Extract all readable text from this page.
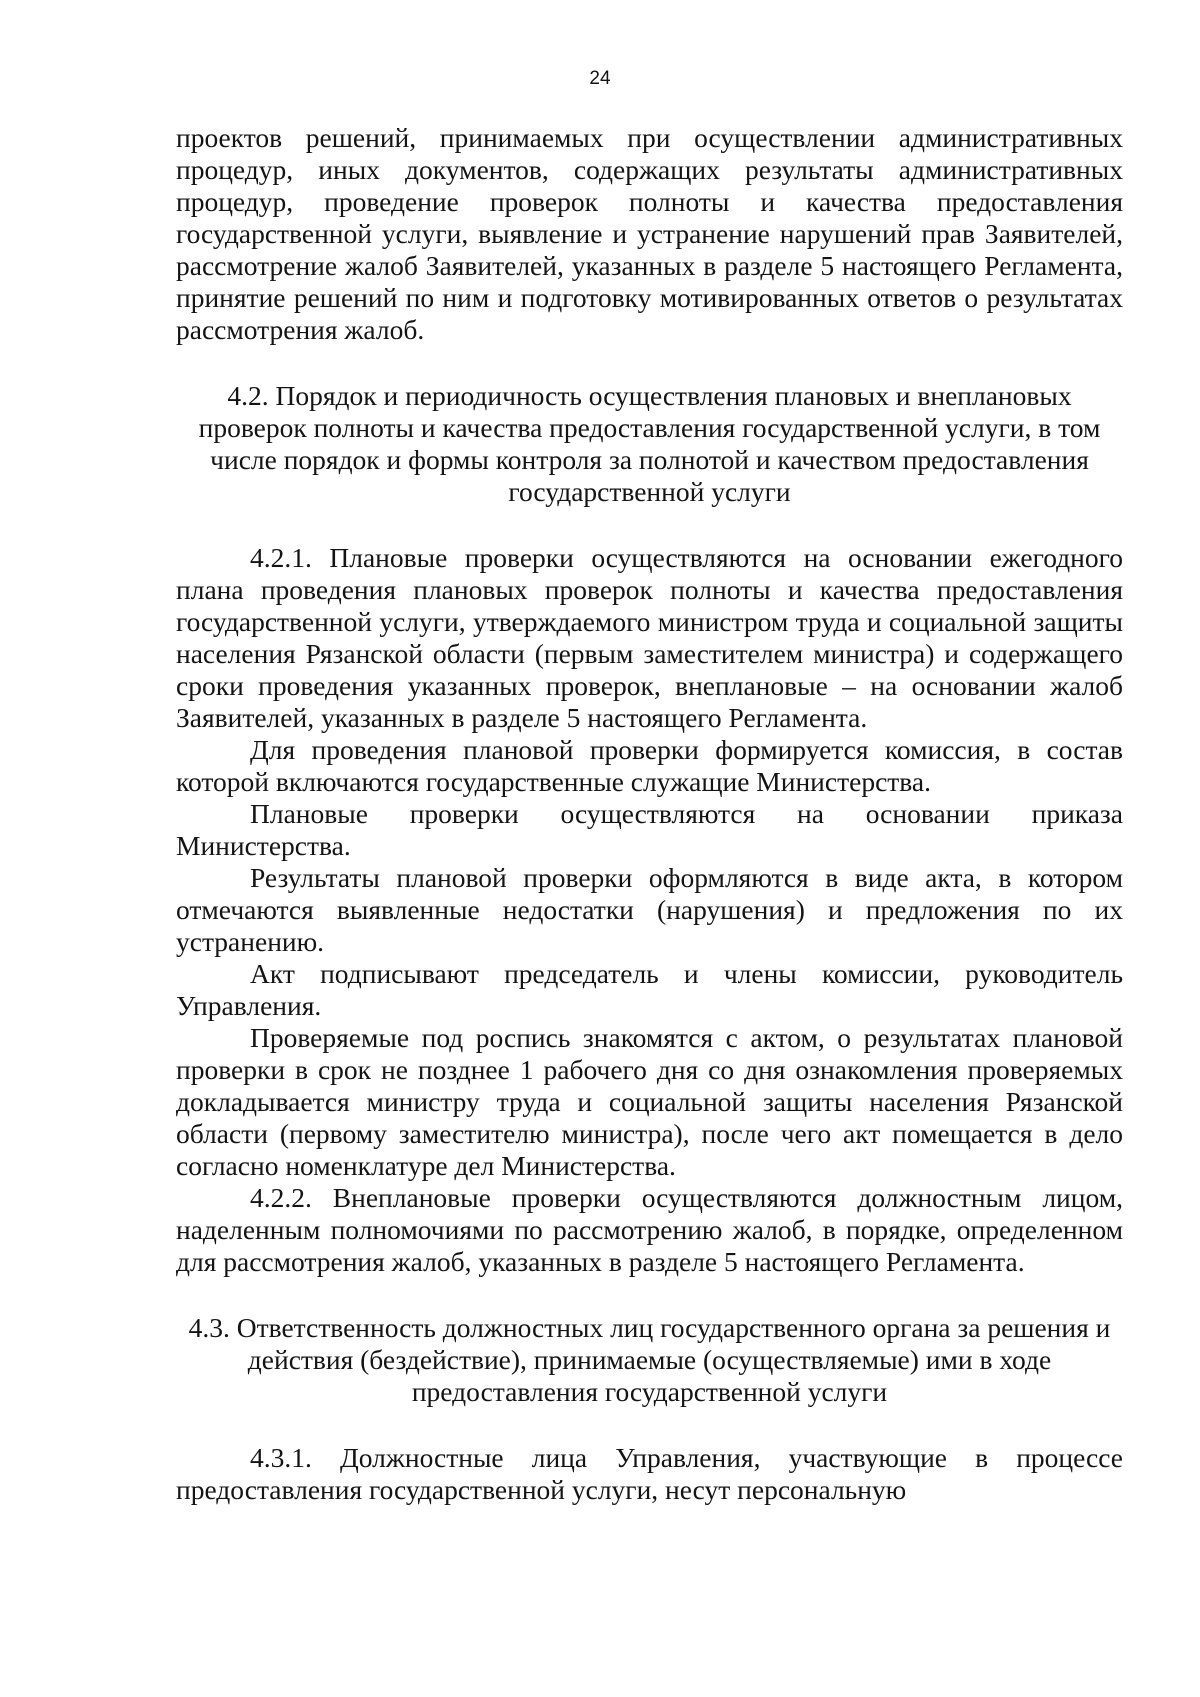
24

проектов решений, принимаемых при осуществлении административных процедур, иных документов, содержащих результаты административных процедур, проведение проверок полноты и качества предоставления государственной услуги, выявление и устранение нарушений прав Заявителей, рассмотрение жалоб Заявителей, указанных в разделе 5 настоящего Регламента, принятие решений по ним и подготовку мотивированных ответов о результатах рассмотрения жалоб.

4.2. Порядок и периодичность осуществления плановых и внеплановых проверок полноты и качества предоставления государственной услуги, в том числе порядок и формы контроля за полнотой и качеством предоставления государственной услуги

4.2.1. Плановые проверки осуществляются на основании ежегодного плана проведения плановых проверок полноты и качества предоставления государственной услуги, утверждаемого министром труда и социальной защиты населения Рязанской области (первым заместителем министра) и содержащего сроки проведения указанных проверок, внеплановые – на основании жалоб Заявителей, указанных в разделе 5 настоящего Регламента.

Для проведения плановой проверки формируется комиссия, в состав которой включаются государственные служащие Министерства.

Плановые проверки осуществляются на основании приказа Министерства.

Результаты плановой проверки оформляются в виде акта, в котором отмечаются выявленные недостатки (нарушения) и предложения по их устранению.

Акт подписывают председатель и члены комиссии, руководитель Управления.

Проверяемые под роспись знакомятся с актом, о результатах плановой проверки в срок не позднее 1 рабочего дня со дня ознакомления проверяемых докладывается министру труда и социальной защиты населения Рязанской области (первому заместителю министра), после чего акт помещается в дело согласно номенклатуре дел Министерства.

4.2.2. Внеплановые проверки осуществляются должностным лицом, наделенным полномочиями по рассмотрению жалоб, в порядке, определенном для рассмотрения жалоб, указанных в разделе 5 настоящего Регламента.

4.3. Ответственность должностных лиц государственного органа за решения и действия (бездействие), принимаемые (осуществляемые) ими в ходе предоставления государственной услуги

4.3.1. Должностные лица Управления, участвующие в процессе предоставления государственной услуги, несут персональную
